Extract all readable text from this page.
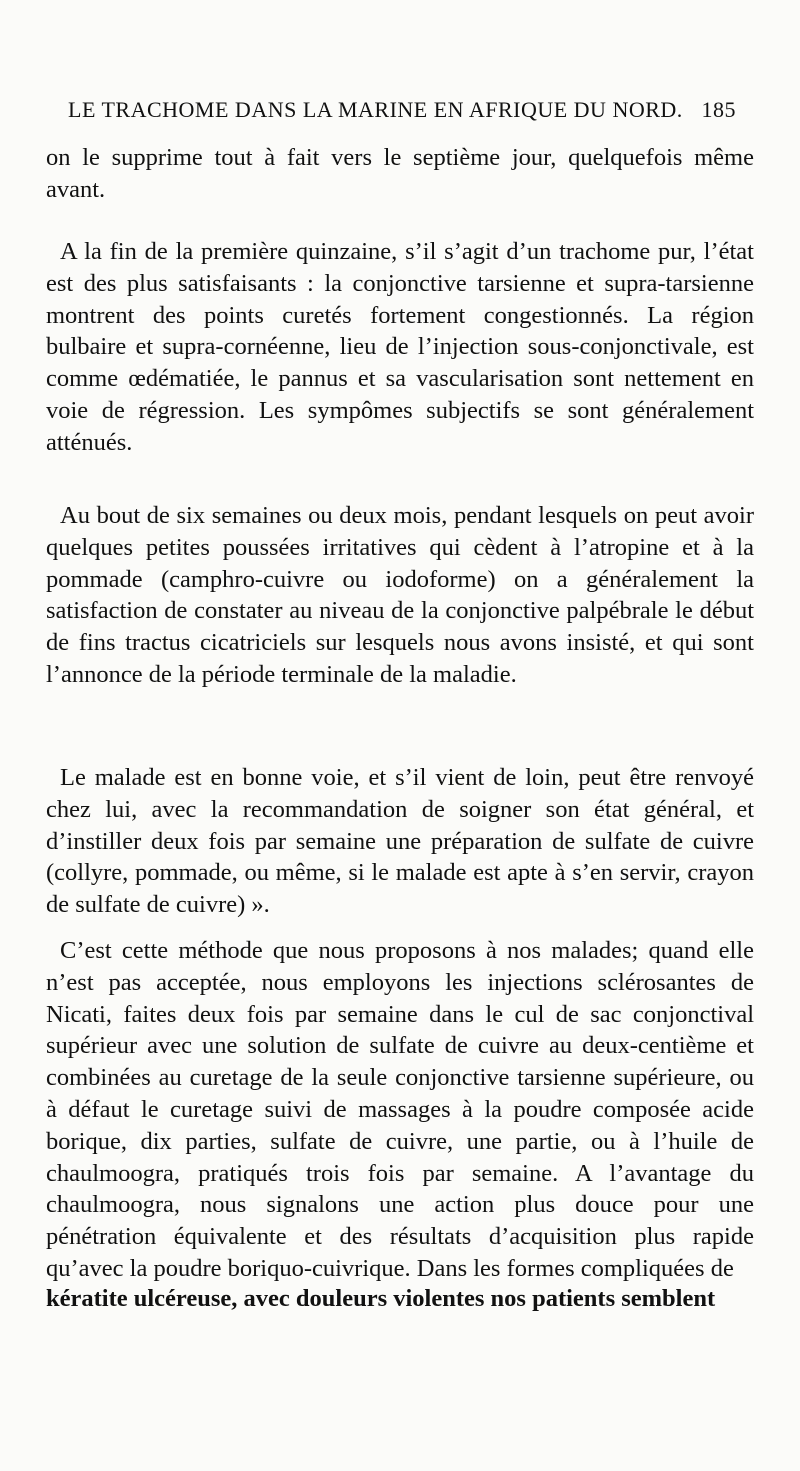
LE TRACHOME DANS LA MARINE EN AFRIQUE DU NORD. 185

on le supprime tout à fait vers le septième jour, quelquefois même avant.

A la fin de la première quinzaine, s’il s’agit d’un trachome pur, l’état est des plus satisfaisants : la conjonctive tarsienne et supra-tarsienne montrent des points curetés fortement congestionnés. La région bulbaire et supra-cornéenne, lieu de l’injection sous-conjonctivale, est comme œdématiée, le pannus et sa vascularisation sont nettement en voie de régression. Les sympômes subjectifs se sont généralement atténués.

Au bout de six semaines ou deux mois, pendant lesquels on peut avoir quelques petites poussées irritatives qui cèdent à l’atropine et à la pommade (camphro-cuivre ou iodoforme) on a généralement la satisfaction de constater au niveau de la conjonctive palpébrale le début de fins tractus cicatriciels sur lesquels nous avons insisté, et qui sont l’annonce de la période terminale de la maladie.

Le malade est en bonne voie, et s’il vient de loin, peut être renvoyé chez lui, avec la recommandation de soigner son état général, et d’instiller deux fois par semaine une préparation de sulfate de cuivre (collyre, pommade, ou même, si le malade est apte à s’en servir, crayon de sulfate de cuivre) ».

C’est cette méthode que nous proposons à nos malades; quand elle n’est pas acceptée, nous employons les injections sclérosantes de Nicati, faites deux fois par semaine dans le cul de sac conjonctival supérieur avec une solution de sulfate de cuivre au deux-centième et combinées au curetage de la seule conjonctive tarsienne supérieure, ou à défaut le curetage suivi de massages à la poudre composée acide borique, dix parties, sulfate de cuivre, une partie, ou à l’huile de chaulmoogra, pratiqués trois fois par semaine. A l’avantage du chaulmoogra, nous signalons une action plus douce pour une pénétration équivalente et des résultats d’acquisition plus rapide qu’avec la poudre boriquo-cuivrique. Dans les formes compliquées de

kératite ulcéreuse, avec douleurs violentes nos patients semblent
